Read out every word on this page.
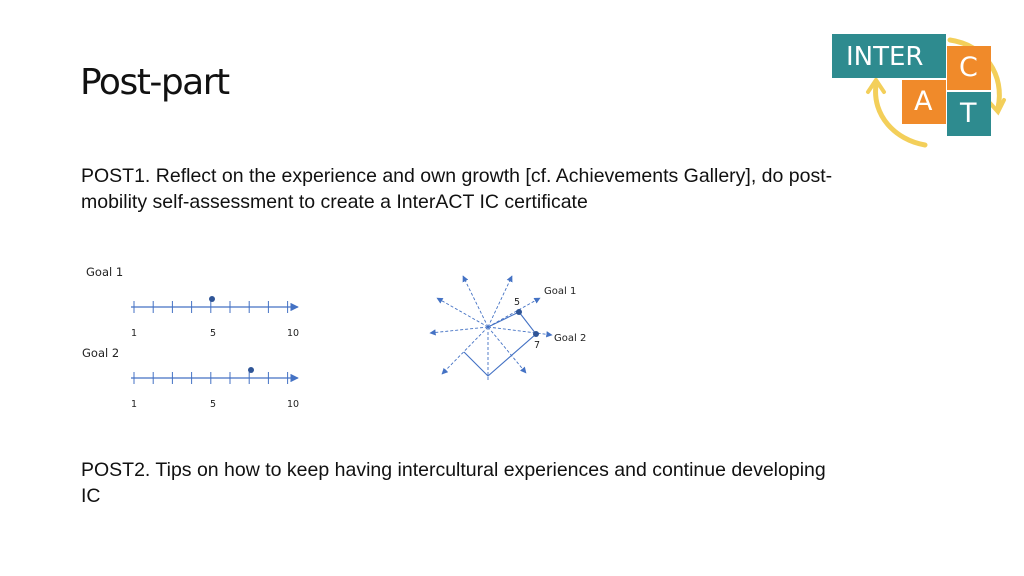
Post-part
POST1. Reflect on the experience and own growth [cf. Achievements Gallery], do post-mobility self-assessment to create a InterACT IC certificate
Goal 1
Goal 2
1	5	10
1	5	10
5
Goal 1
7
Goal 2
POST2. Tips on how to keep having intercultural experiences and continue developing IC
INTER C
A T
